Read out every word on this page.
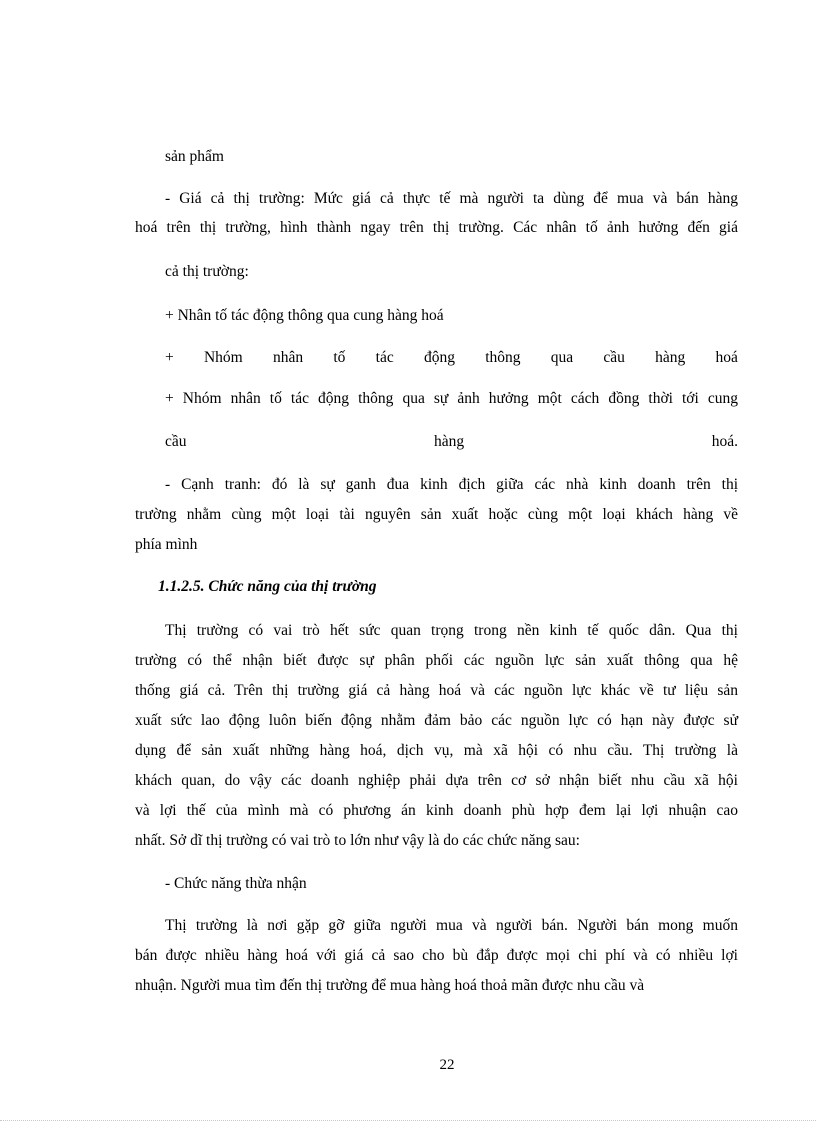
sản phẩm
- Giá cả thị trường: Mức giá cả thực tế mà người ta dùng để mua và bán hàng
hoá trên thị trường, hình thành ngay trên thị trường. Các nhân tố ảnh hưởng đến giá
cả thị trường:
+ Nhân tố tác động thông qua cung hàng hoá
+ Nhóm nhân tố tác động thông qua cầu hàng hoá
+ Nhóm nhân tố tác động thông qua sự ảnh hưởng một cách đồng thời tới cung
cầu	hàng	hoá.
- Cạnh tranh: đó là sự ganh đua kinh địch giữa các nhà kinh doanh trên thị
trường nhằm cùng một loại tài nguyên sản xuất hoặc cùng một loại khách hàng về
phía mình
1.1.2.5. Chức năng của thị trường
Thị trường có vai trò hết sức quan trọng trong nền kinh tế quốc dân. Qua thị
trường có thể nhận biết được sự phân phối các nguồn lực sản xuất thông qua hệ
thống giá cả. Trên thị trường giá cả hàng hoá và các nguồn lực khác về tư liệu sản
xuất sức lao động luôn biến động nhằm đảm bảo các nguồn lực có hạn này được sử
dụng để sản xuất những hàng hoá, dịch vụ, mà xã hội có nhu cầu. Thị trường là
khách quan, do vậy các doanh nghiệp phải dựa trên cơ sở nhận biết nhu cầu xã hội
và lợi thế của mình mà có phương án kinh doanh phù hợp đem lại lợi nhuận cao
nhất. Sở dĩ thị trường có vai trò to lớn như vậy là do các chức năng sau:
- Chức năng thừa nhận
Thị trường là nơi gặp gỡ giữa người mua và người bán. Người bán mong muốn
bán được nhiều hàng hoá với giá cả sao cho bù đắp được mọi chi phí và có nhiều lợi
nhuận. Người mua tìm đến thị trường để mua hàng hoá thoả mãn được nhu cầu và
22
